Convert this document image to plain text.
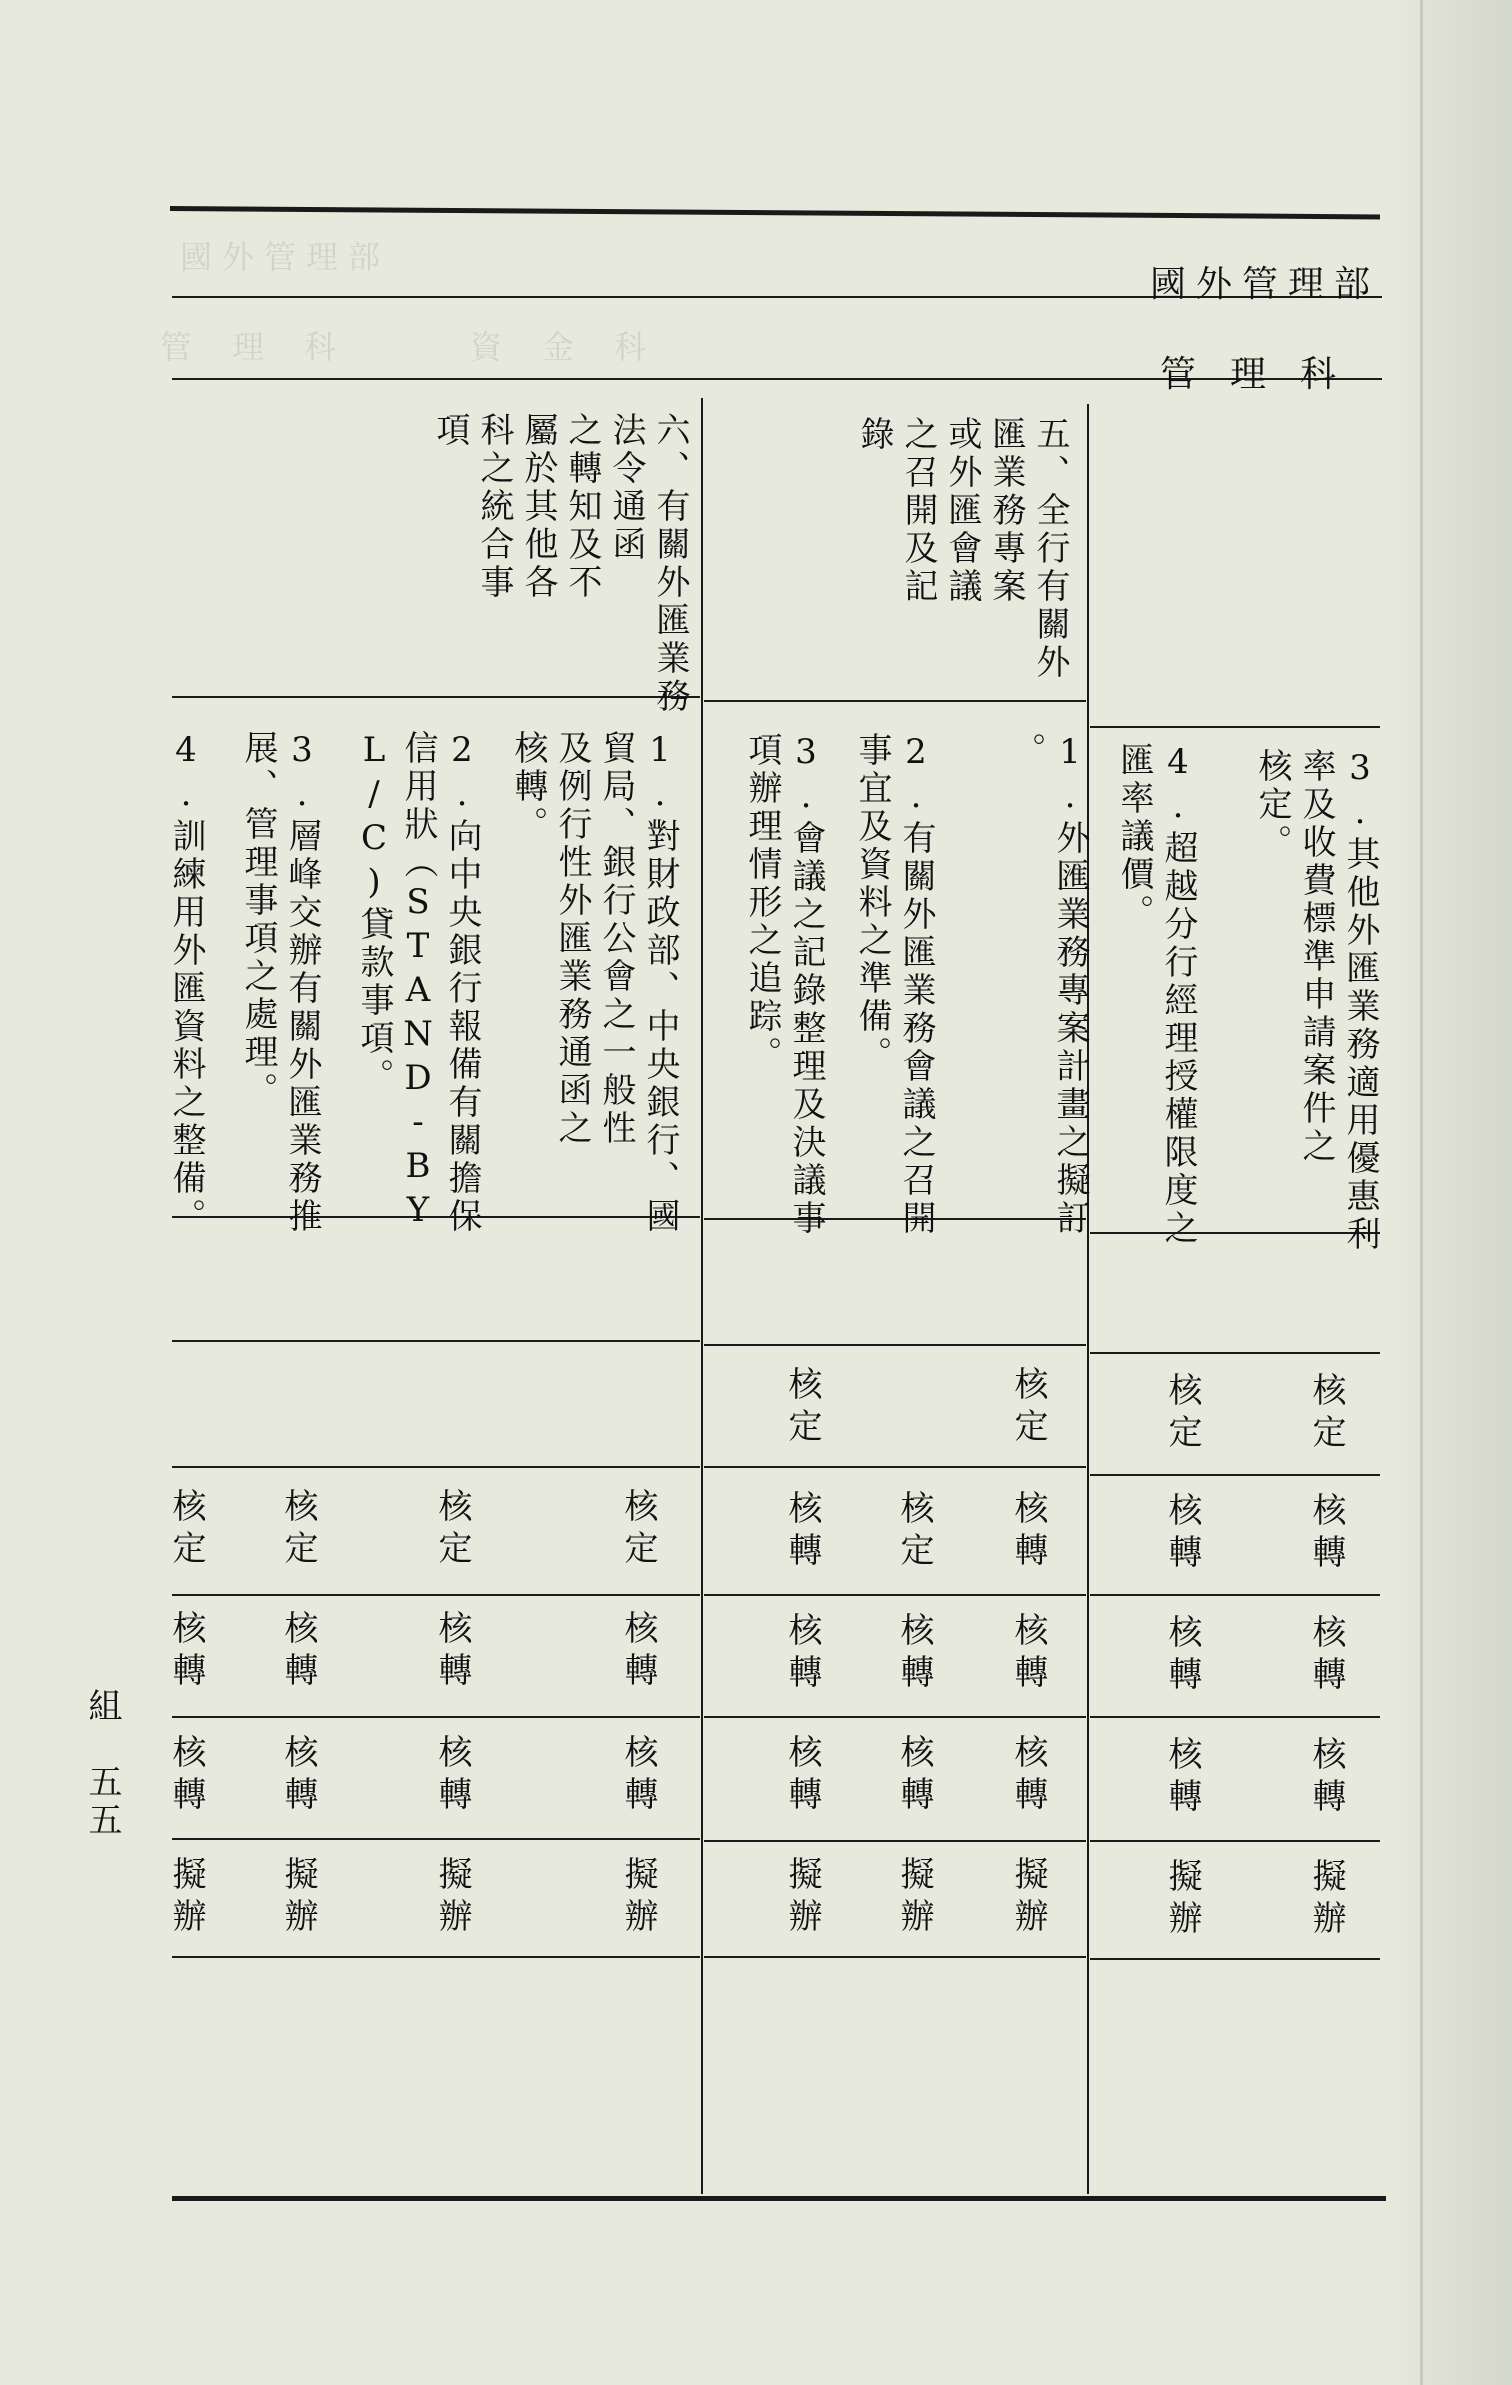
國外管理部
管理科	資金科
國外管理部
管理科
3.其他外匯業務適用優惠利
率及收費標準申請案件之
核定。
4.超越分行經理授權限度之
匯率議價。
核定
核定
核轉
核轉
核轉
核轉
核轉
核轉
擬辦
擬辦
五、全行有關外
匯業務專案
或外匯會議
之召開及記
錄
1.外匯業務專案計畫之擬訂
。
2.有關外匯業務會議之召開
事宜及資料之準備。
3.會議之記錄整理及決議事
項辦理情形之追踪。
核定
核定
核轉
核定
核轉
核轉
核轉
核轉
核轉
核轉
核轉
擬辦
擬辦
擬辦
六、有關外匯業務
法令通函
之轉知及不
屬於其他各
科之統合事
項
1.對財政部、中央銀行、國
貿局、銀行公會之一般性
及例行性外匯業務通函之
核轉。
2.向中央銀行報備有關擔保
信用狀（STAND-BY
L/C)貸款事項。
3.層峰交辦有關外匯業務推
展、管理事項之處理。
4.訓練用外匯資料之整備。
核定
核定
核定
核定
核轉
核轉
核轉
核轉
核轉
核轉
核轉
核轉
擬辦
擬辦
擬辦
擬辦
組
五五
